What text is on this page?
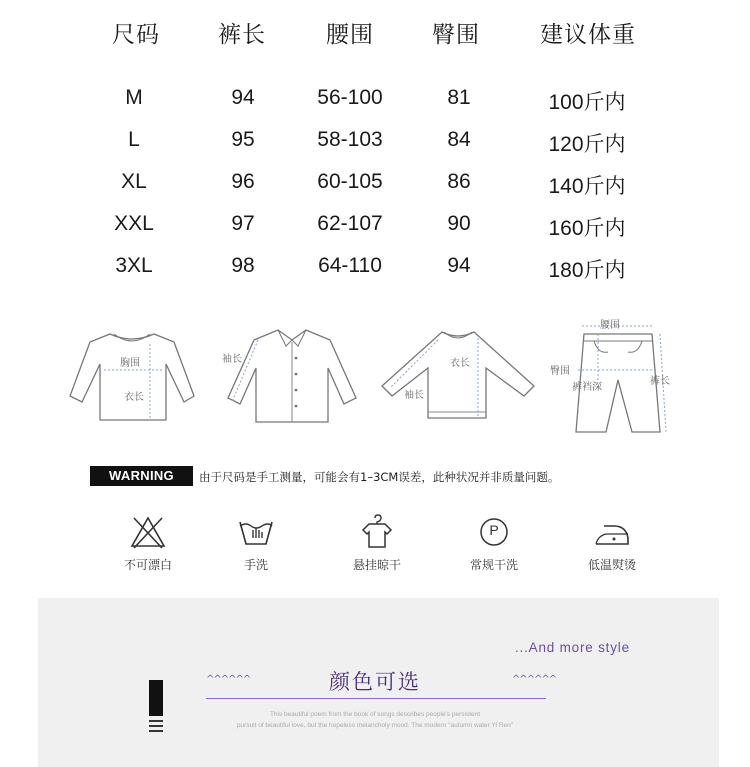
尺码	裤长	腰围	臀围	建议体重
M	94	56-100	81	100斤内
L	95	58-103	84	120斤内
XL	96	60-105	86	140斤内
XXL	97	62-107	90	160斤内
3XL	98	64-110	94	180斤内
胸围
衣长
袖长	衣长
袖长
腰围
臀围
裤裆深
裤长
WARNING	由于尺码是手工测量，可能会有1–3CM误差，此种状况并非质量问题。
不可漂白	手洗	悬挂晾干
P
常规干洗	低温熨烫
...And more style
^^^^^^	^^^^^^
颜色可选
This beautiful poem from the book of songs describes people's persistent
pursuit of beautiful love, but the hopeless melancholy mood. The modern "autumn water Yi Ren"
